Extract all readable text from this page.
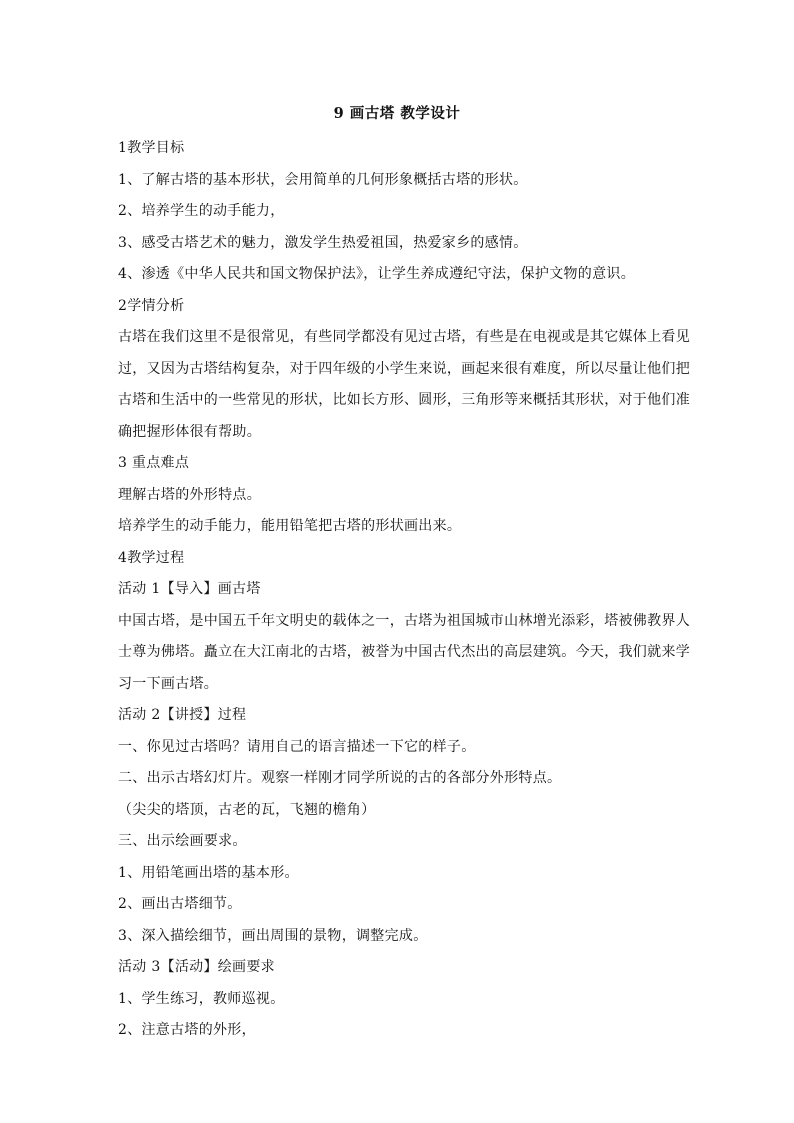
9 画古塔 教学设计

1教学目标

1、了解古塔的基本形状，会用简单的几何形象概括古塔的形状。

2、培养学生的动手能力，

3、感受古塔艺术的魅力，激发学生热爱祖国，热爱家乡的感情。

4、渗透《中华人民共和国文物保护法》，让学生养成遵纪守法，保护文物的意识。

2学情分析

古塔在我们这里不是很常见，有些同学都没有见过古塔，有些是在电视或是其它媒体上看见

过，又因为古塔结构复杂，对于四年级的小学生来说，画起来很有难度，所以尽量让他们把

古塔和生活中的一些常见的形状，比如长方形、圆形，三角形等来概括其形状，对于他们准

确把握形体很有帮助。

3 重点难点

理解古塔的外形特点。

培养学生的动手能力，能用铅笔把古塔的形状画出来。

4教学过程

活动 1【导入】画古塔

中国古塔，是中国五千年文明史的载体之一，古塔为祖国城市山林增光添彩，塔被佛教界人

士尊为佛塔。矗立在大江南北的古塔，被誉为中国古代杰出的高层建筑。今天，我们就来学

习一下画古塔。

活动 2【讲授】过程

一、你见过古塔吗？请用自己的语言描述一下它的样子。

二、出示古塔幻灯片。观察一样刚才同学所说的古的各部分外形特点。

（尖尖的塔顶，古老的瓦，飞翘的檐角）

三、出示绘画要求。

1、用铅笔画出塔的基本形。

2、画出古塔细节。

3、深入描绘细节，画出周围的景物，调整完成。

活动 3【活动】绘画要求

1、学生练习，教师巡视。

2、注意古塔的外形，
